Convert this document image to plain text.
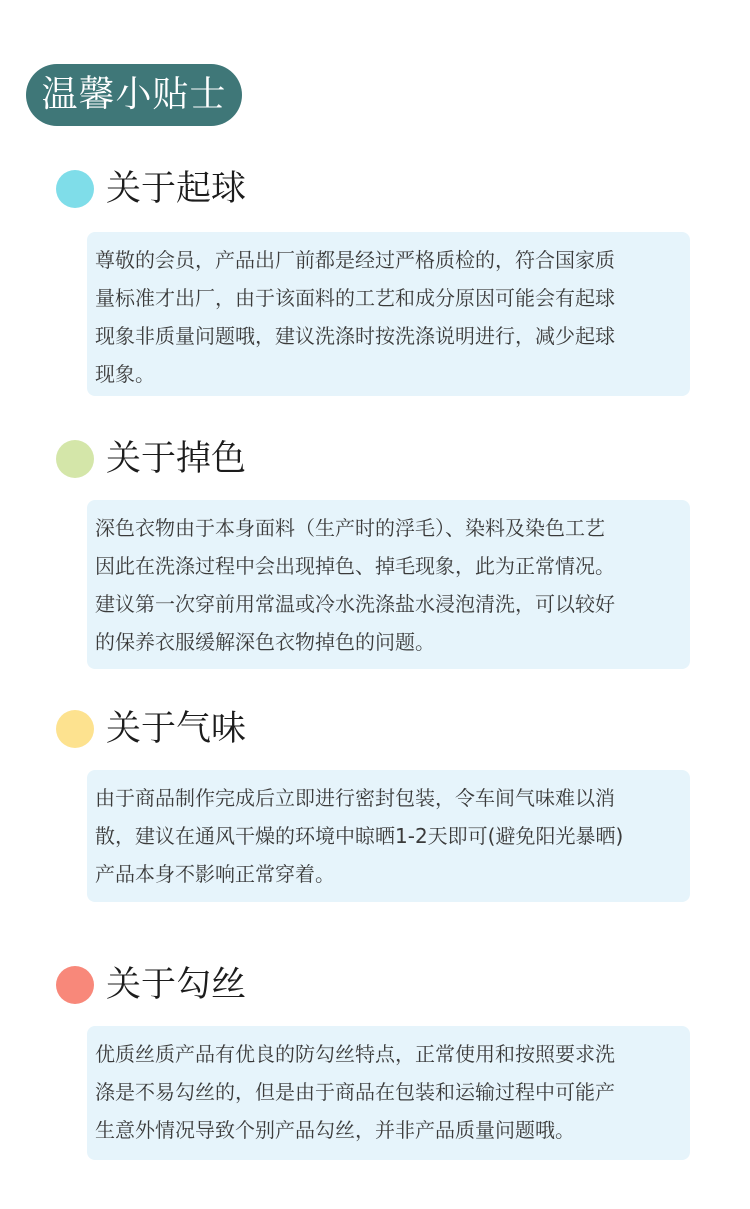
温馨小贴士
关于起球

尊敬的会员，产品出厂前都是经过严格质检的，符合国家质
量标准才出厂，由于该面料的工艺和成分原因可能会有起球
现象非质量问题哦，建议洗涤时按洗涤说明进行，减少起球
现象。

关于掉色

深色衣物由于本身面料（生产时的浮毛）、染料及染色工艺
因此在洗涤过程中会出现掉色、掉毛现象，此为正常情况。
建议第一次穿前用常温或冷水洗涤盐水浸泡清洗，可以较好
的保养衣服缓解深色衣物掉色的问题。

关于气味

由于商品制作完成后立即进行密封包装，令车间气味难以消
散，建议在通风干燥的环境中晾晒1-2天即可(避免阳光暴晒)
产品本身不影响正常穿着。

关于勾丝

优质丝质产品有优良的防勾丝特点，正常使用和按照要求洗
涤是不易勾丝的，但是由于商品在包装和运输过程中可能产
生意外情况导致个别产品勾丝，并非产品质量问题哦。
